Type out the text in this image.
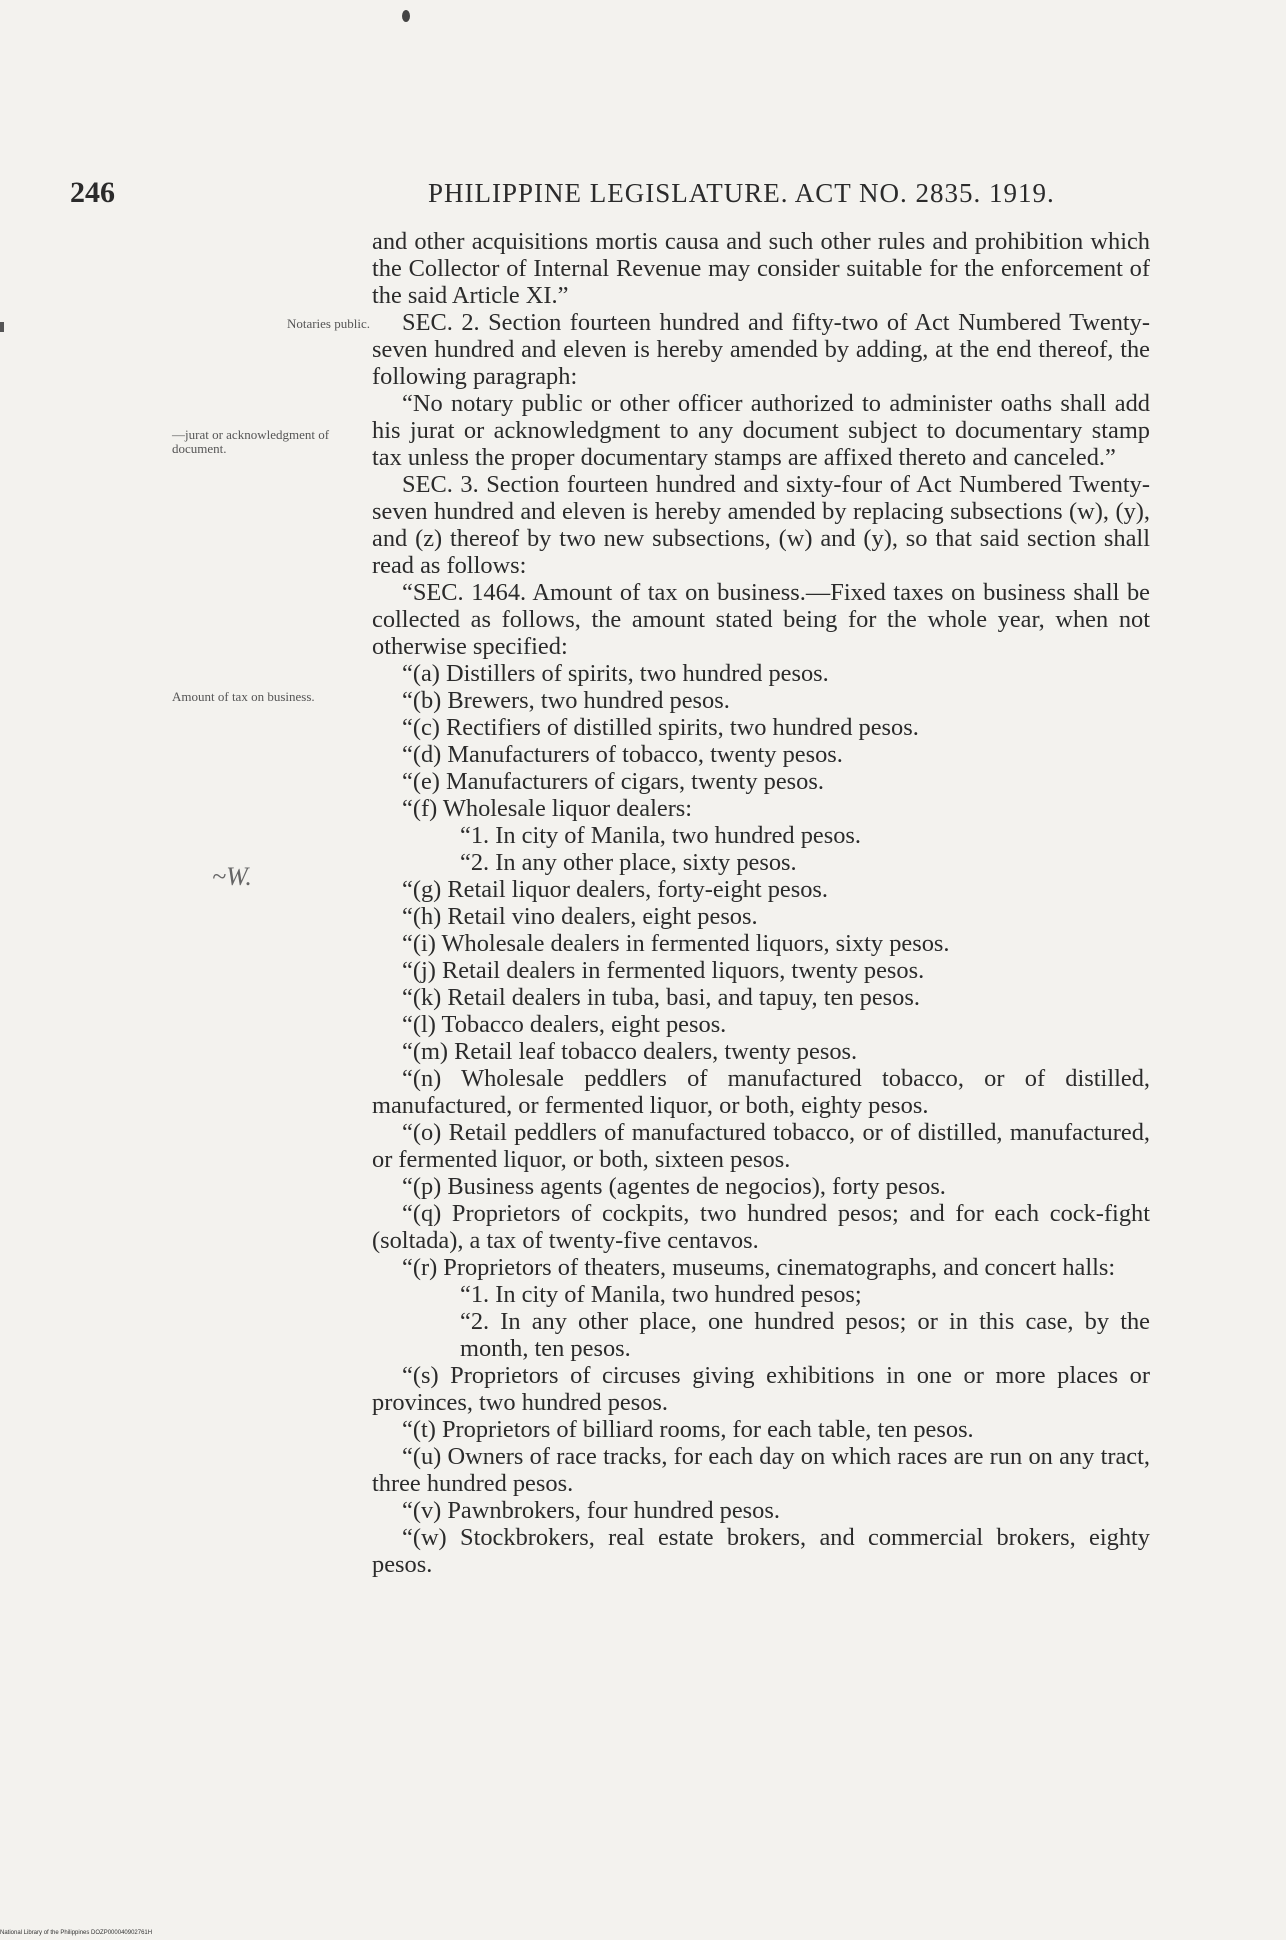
246	PHILIPPINE LEGISLATURE. ACT NO. 2835. 1919.
Notaries public.
—jurat or acknowledgment of document.
Amount of tax on business.
~W.

and other acquisitions mortis causa and such other rules and prohibition which the Collector of Internal Revenue may consider suitable for the enforcement of the said Article XI.”

SEC. 2. Section fourteen hundred and fifty-two of Act Numbered Twenty-seven hundred and eleven is hereby amended by adding, at the end thereof, the following paragraph:

“No notary public or other officer authorized to administer oaths shall add his jurat or acknowledgment to any document subject to documentary stamp tax unless the proper documentary stamps are affixed thereto and canceled.”

SEC. 3. Section fourteen hundred and sixty-four of Act Numbered Twenty-seven hundred and eleven is hereby amended by replacing subsections (w), (y), and (z) thereof by two new subsections, (w) and (y), so that said section shall read as follows:

“SEC. 1464. Amount of tax on business.—Fixed taxes on business shall be collected as follows, the amount stated being for the whole year, when not otherwise specified:

“(a) Distillers of spirits, two hundred pesos.

“(b) Brewers, two hundred pesos.

“(c) Rectifiers of distilled spirits, two hundred pesos.

“(d) Manufacturers of tobacco, twenty pesos.

“(e) Manufacturers of cigars, twenty pesos.

“(f) Wholesale liquor dealers:

“1. In city of Manila, two hundred pesos.

“2. In any other place, sixty pesos.

“(g) Retail liquor dealers, forty-eight pesos.

“(h) Retail vino dealers, eight pesos.

“(i) Wholesale dealers in fermented liquors, sixty pesos.

“(j) Retail dealers in fermented liquors, twenty pesos.

“(k) Retail dealers in tuba, basi, and tapuy, ten pesos.

“(l) Tobacco dealers, eight pesos.

“(m) Retail leaf tobacco dealers, twenty pesos.

“(n) Wholesale peddlers of manufactured tobacco, or of distilled, manufactured, or fermented liquor, or both, eighty pesos.

“(o) Retail peddlers of manufactured tobacco, or of distilled, manufactured, or fermented liquor, or both, sixteen pesos.

“(p) Business agents (agentes de negocios), forty pesos.

“(q) Proprietors of cockpits, two hundred pesos; and for each cock-fight (soltada), a tax of twenty-five centavos.

“(r) Proprietors of theaters, museums, cinematographs, and concert halls:

“1. In city of Manila, two hundred pesos;

“2. In any other place, one hundred pesos; or in this case, by the month, ten pesos.

“(s) Proprietors of circuses giving exhibitions in one or more places or provinces, two hundred pesos.

“(t) Proprietors of billiard rooms, for each table, ten pesos.

“(u) Owners of race tracks, for each day on which races are run on any tract, three hundred pesos.

“(v) Pawnbrokers, four hundred pesos.

“(w) Stockbrokers, real estate brokers, and commercial brokers, eighty pesos.

National Library of the Philippines DOZP000040902761H
